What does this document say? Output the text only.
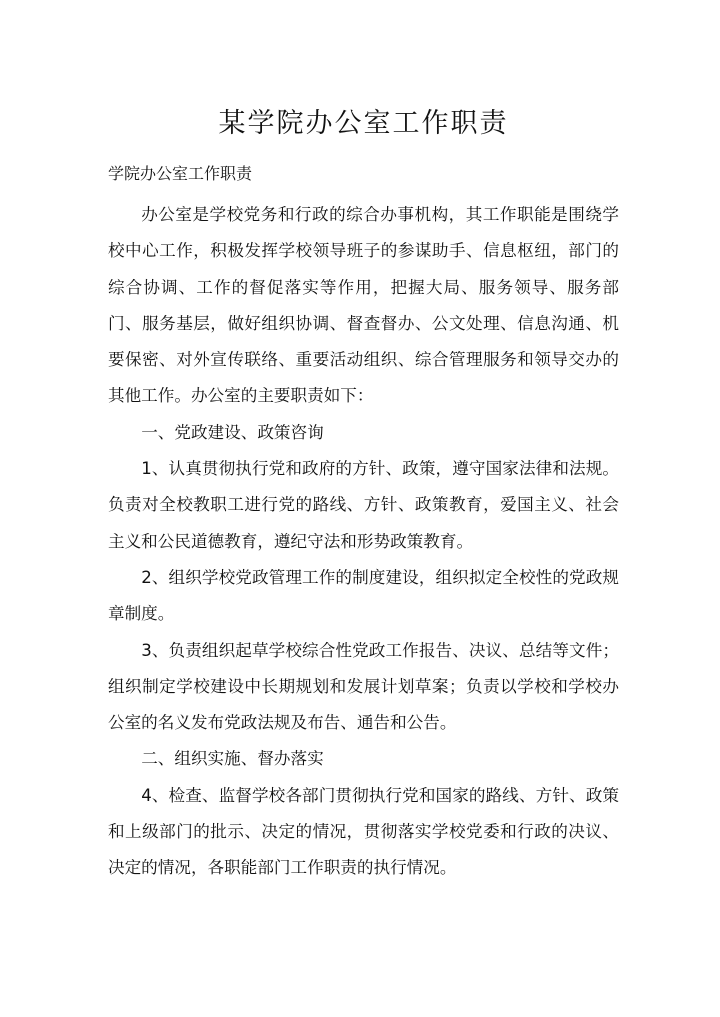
某学院办公室工作职责
学院办公室工作职责

办公室是学校党务和行政的综合办事机构，其工作职能是围绕学校中心工作，积极发挥学校领导班子的参谋助手、信息枢纽，部门的综合协调、工作的督促落实等作用，把握大局、服务领导、服务部门、服务基层，做好组织协调、督查督办、公文处理、信息沟通、机要保密、对外宣传联络、重要活动组织、综合管理服务和领导交办的其他工作。办公室的主要职责如下：

一、党政建设、政策咨询

1、认真贯彻执行党和政府的方针、政策，遵守国家法律和法规。负责对全校教职工进行党的路线、方针、政策教育，爱国主义、社会主义和公民道德教育，遵纪守法和形势政策教育。

2、组织学校党政管理工作的制度建设，组织拟定全校性的党政规章制度。

3、负责组织起草学校综合性党政工作报告、决议、总结等文件；组织制定学校建设中长期规划和发展计划草案；负责以学校和学校办公室的名义发布党政法规及布告、通告和公告。

二、组织实施、督办落实

4、检查、监督学校各部门贯彻执行党和国家的路线、方针、政策和上级部门的批示、决定的情况，贯彻落实学校党委和行政的决议、决定的情况，各职能部门工作职责的执行情况。
